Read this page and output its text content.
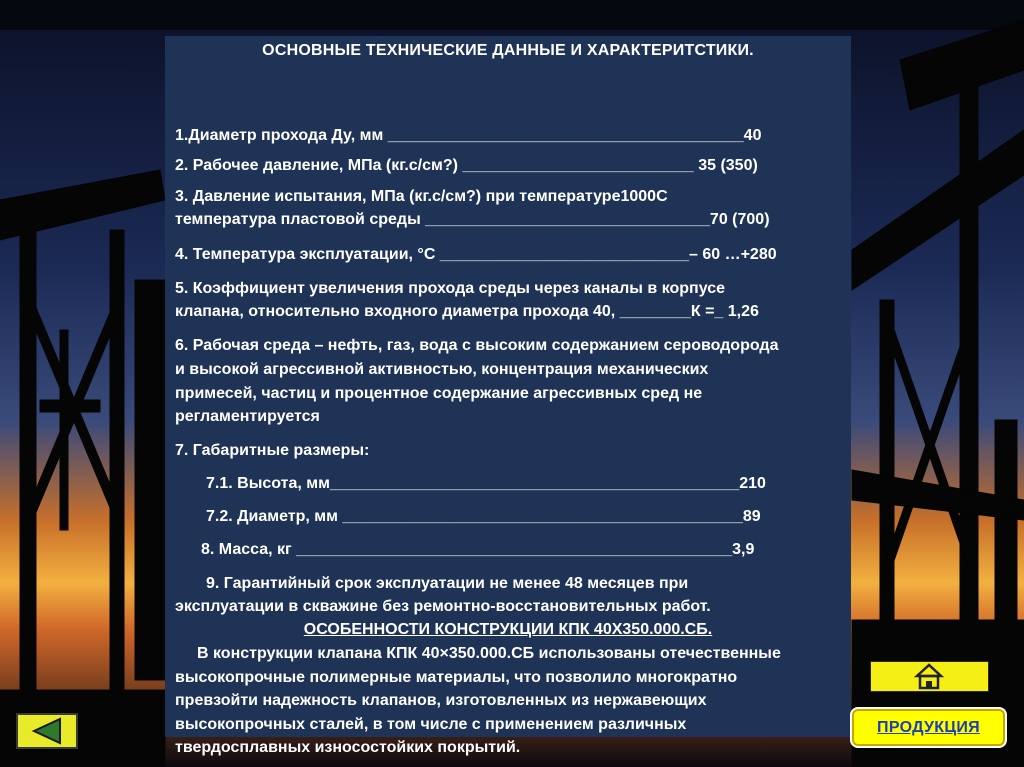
ОСНОВНЫЕ ТЕХНИЧЕСКИЕ ДАННЫЕ И ХАРАКТЕРИТСТИКИ.
1.Диаметр прохода Ду, мм ________________________________________40
2. Рабочее давление, МПа (кг.с/см?) __________________________ 35 (350)
3. Давление испытания, МПа (кг.с/см?) при температуре1000С
температура пластовой среды ________________________________70 (700)
4. Температура эксплуатации, °С ____________________________– 60 …+280
5. Коэффициент увеличения прохода среды через каналы в корпусе
клапана, относительно входного диаметра прохода 40, ________К =_ 1,26
6. Рабочая среда – нефть, газ, вода с высоким содержанием сероводорода
и высокой агрессивной активностью, концентрация механических
примесей, частиц и процентное содержание агрессивных сред не
регламентируется
7. Габаритные размеры:
7.1. Высота, мм______________________________________________210
7.2. Диаметр, мм _____________________________________________89
8. Масса, кг _________________________________________________3,9
9. Гарантийный срок эксплуатации не менее 48 месяцев при
эксплуатации в скважине без ремонтно-восстановительных работ.
ОСОБЕННОСТИ КОНСТРУКЦИИ КПК 40Х350.000.СБ.
В конструкции клапана КПК 40×350.000.СБ использованы отечественные
высокопрочные полимерные материалы, что позволило многократно
превзойти надежность клапанов, изготовленных из нержавеющих
высокопрочных сталей, в том числе с применением различных
твердосплавных износостойких покрытий.
ПРОДУКЦИЯ
